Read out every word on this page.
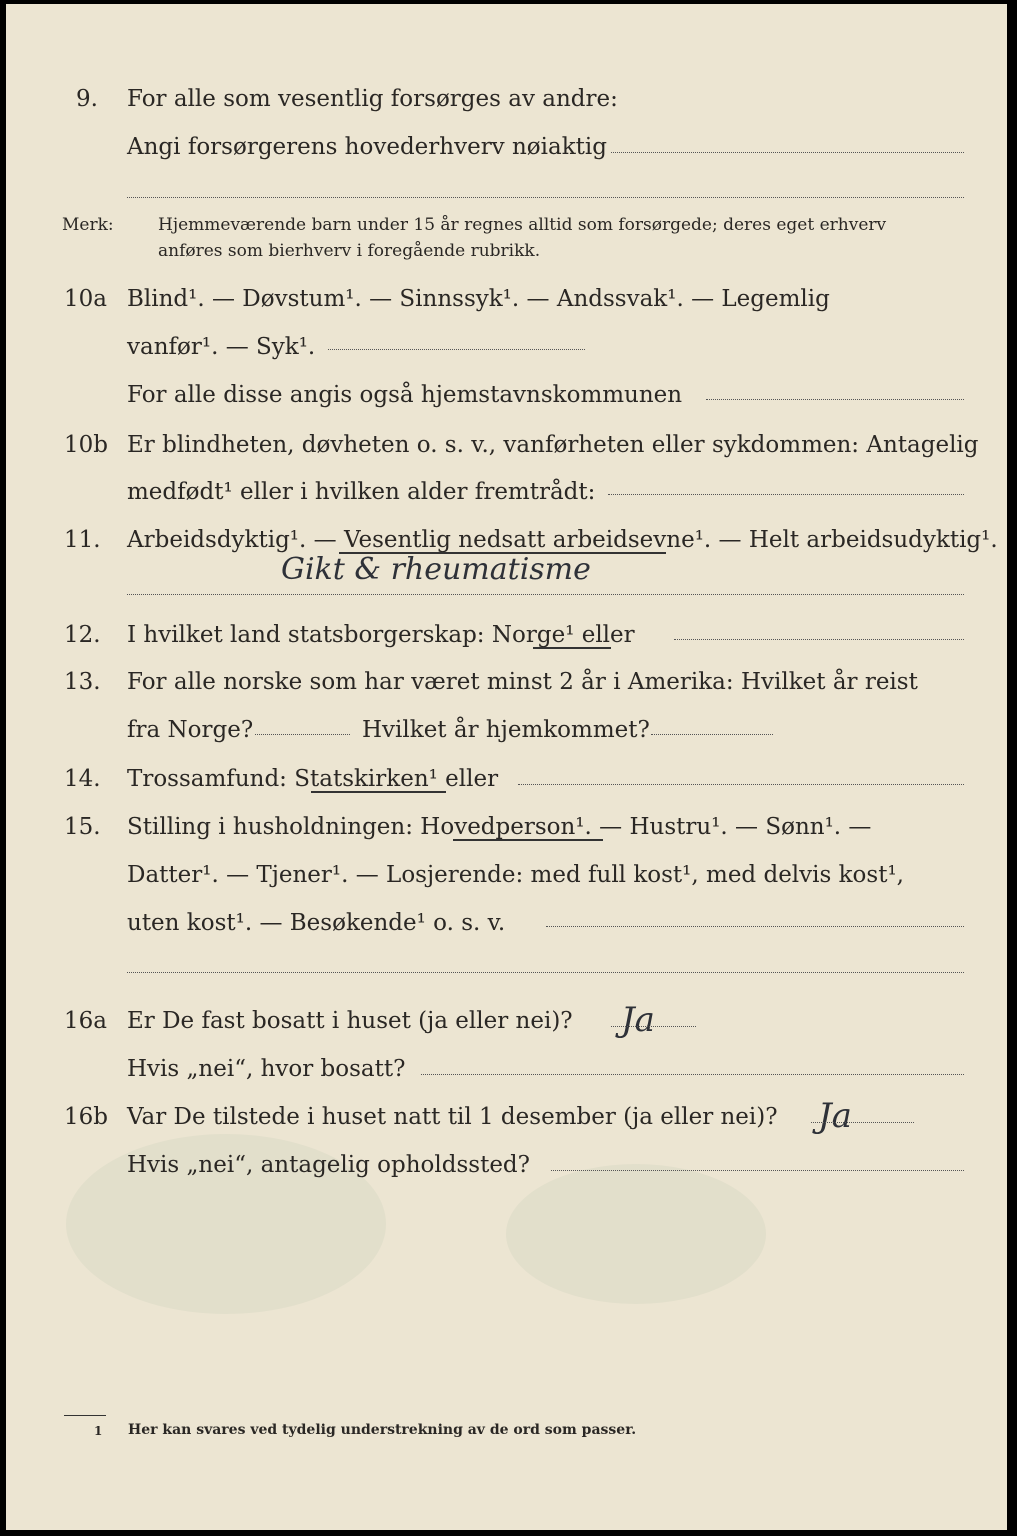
9. For alle som vesentlig forsørges av andre:
Angi forsørgerens hovederhverv nøiaktig
Merk:	Hjemmeværende barn under 15 år regnes alltid som forsørgede; deres eget erhverv
anføres som bierhverv i foregående rubrikk.
10a Blind¹. — Døvstum¹. — Sinnssyk¹. — Andssvak¹. — Legemlig
vanfør¹. — Syk¹.
For alle disse angis også hjemstavnskommunen
10b Er blindheten, døvheten o. s. v., vanførheten eller sykdommen: Antagelig
medfødt¹ eller i hvilken alder fremtrådt:
11. Arbeidsdyktig¹. — Vesentlig nedsatt arbeidsevne¹. — Helt arbeidsudyktig¹.
Gikt & rheumatisme
12. I hvilket land statsborgerskap: Norge¹ eller
13. For alle norske som har været minst 2 år i Amerika: Hvilket år reist
fra Norge?	Hvilket år hjemkommet?
14. Trossamfund: Statskirken¹ eller
15. Stilling i husholdningen: Hovedperson¹. — Hustru¹. — Sønn¹. —
Datter¹. — Tjener¹. — Losjerende: med full kost¹, med delvis kost¹,
uten kost¹. — Besøkende¹ o. s. v.
16a Er De fast bosatt i huset (ja eller nei)? Ja
Hvis „nei“, hvor bosatt?
16b Var De tilstede i huset natt til 1 desember (ja eller nei)? Ja
Hvis „nei“, antagelig opholdssted?
1 Her kan svares ved tydelig understrekning av de ord som passer.
